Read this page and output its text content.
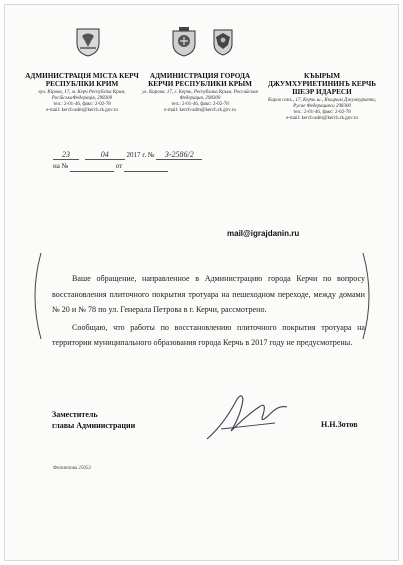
АДМИНИСТРАЦІЯ МІСТА КЕРЧ РЕСПУБЛІКИ КРИМ
вул. Кірова, 17, м. Керч Республіка Крим, РосійськаФедерація, 298300
тел.: 2-01-46, факс: 2-02-78
e-mail: kerch-adm@kerch.rk.gov.ru
АДМИНИСТРАЦИЯ ГОРОДА КЕРЧИ РЕСПУБЛИКИ КРЫМ
ул. Кирова, 17, г. Керчь, Республика Крым, Российская Федерация, 298300
тел.: 2-01-46, факс: 2-02-78
e-mail: kerch-adm@kerch.rk.gov.ru
КЪЫРЫМ ДЖУМХУРИЕТИНИНЪ КЕРЧЬ ШЕЭР ИДАРЕСИ
Киров сокъ., 17, Керчь ш., Къырым Джумхуриети, Русие Федерацияси 298300
тел.: 2-01-46, факс: 2-02-78
e-mail: kerch-adm@kerch.rk.gov.ru
23	04	2017 г. № 3-2586/2
на №	от
mail@igrajdanin.ru

Ваше обращение, направленное в Администрацию города Керчи по вопросу восстановления плиточного покрытия тротуара на пешеходном переходе, между домами № 20 и № 78 по ул. Генерала Петрова в г. Керчи, рассмотрено.

Сообщаю, что работы по восстановлению плиточного покрытия тротуара на территории муниципального образования города Керчь в 2017 году не предусмотрены.

Заместитель
главы Администрации	Н.Н.Зотов
Филиппова 25052
